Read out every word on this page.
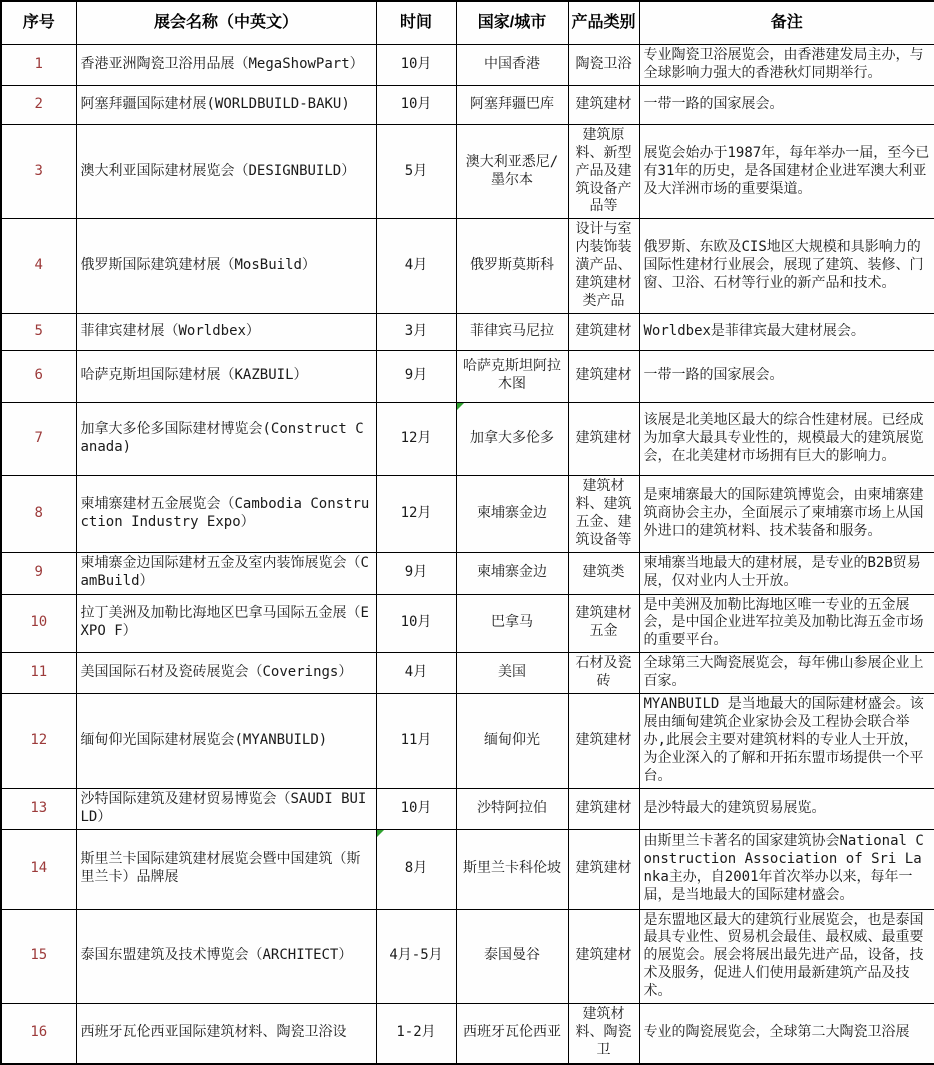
序号	展会名称（中英文）	时间	国家/城市	产品类别	备注
1	香港亚洲陶瓷卫浴用品展（MegaShowPart）	10月	中国香港	陶瓷卫浴	专业陶瓷卫浴展览会，由香港建发局主办，与全球影响力强大的香港秋灯同期举行。
2	阿塞拜疆国际建材展(WORLDBUILD-BAKU)	10月	阿塞拜疆巴库	建筑建材	一带一路的国家展会。
3	澳大利亚国际建材展览会（DESIGNBUILD）	5月	澳大利亚悉尼/墨尔本	建筑原料、新型产品及建筑设备产品等	展览会始办于1987年，每年举办一届，至今已有31年的历史，是各国建材企业进军澳大利亚及大洋洲市场的重要渠道。
4	俄罗斯国际建筑建材展（MosBuild）	4月	俄罗斯莫斯科	设计与室内装饰装潢产品、建筑建材类产品	俄罗斯、东欧及CIS地区大规模和具影响力的国际性建材行业展会，展现了建筑、装修、门窗、卫浴、石材等行业的新产品和技术。
5	菲律宾建材展（Worldbex）	3月	菲律宾马尼拉	建筑建材	Worldbex是菲律宾最大建材展会。
6	哈萨克斯坦国际建材展（KAZBUIL）	9月	哈萨克斯坦阿拉木图	建筑建材	一带一路的国家展会。
7	加拿大多伦多国际建材博览会(Construct Canada)	12月	加拿大多伦多	建筑建材	该展是北美地区最大的综合性建材展。已经成为加拿大最具专业性的，规模最大的建筑展览会，在北美建材市场拥有巨大的影响力。
8	柬埔寨建材五金展览会（Cambodia Construction Industry Expo）	12月	柬埔寨金边	建筑材料、建筑五金、建筑设备等	是柬埔寨最大的国际建筑博览会，由柬埔寨建筑商协会主办，全面展示了柬埔寨市场上从国外进口的建筑材料、技术装备和服务。
9	柬埔寨金边国际建材五金及室内装饰展览会（CamBuild）	9月	柬埔寨金边	建筑类	柬埔寨当地最大的建材展，是专业的B2B贸易展，仅对业内人士开放。
10	拉丁美洲及加勒比海地区巴拿马国际五金展（EXPO F）	10月	巴拿马	建筑建材五金	是中美洲及加勒比海地区唯一专业的五金展会，是中国企业进军拉美及加勒比海五金市场的重要平台。
11	美国国际石材及瓷砖展览会（Coverings）	4月	美国	石材及瓷砖	全球第三大陶瓷展览会，每年佛山参展企业上百家。
12	缅甸仰光国际建材展览会(MYANBUILD)	11月	缅甸仰光	建筑建材	MYANBUILD 是当地最大的国际建材盛会。该展由缅甸建筑企业家协会及工程协会联合举办,此展会主要对建筑材料的专业人士开放，为企业深入的了解和开拓东盟市场提供一个平台。
13	沙特国际建筑及建材贸易博览会（SAUDI BUILD）	10月	沙特阿拉伯	建筑建材	是沙特最大的建筑贸易展览。
14	斯里兰卡国际建筑建材展览会暨中国建筑（斯里兰卡）品牌展	8月	斯里兰卡科伦坡	建筑建材	由斯里兰卡著名的国家建筑协会National Construction Association of Sri Lanka主办，自2001年首次举办以来，每年一届，是当地最大的国际建材盛会。
15	泰国东盟建筑及技术博览会（ARCHITECT）	4月-5月	泰国曼谷	建筑建材	是东盟地区最大的建筑行业展览会，也是泰国最具专业性、贸易机会最佳、最权威、最重要的展览会。展会将展出最先进产品，设备，技术及服务，促进人们使用最新建筑产品及技术。
16	西班牙瓦伦西亚国际建筑材料、陶瓷卫浴设	1-2月	西班牙瓦伦西亚	建筑材料、陶瓷卫	专业的陶瓷展览会，全球第二大陶瓷卫浴展
